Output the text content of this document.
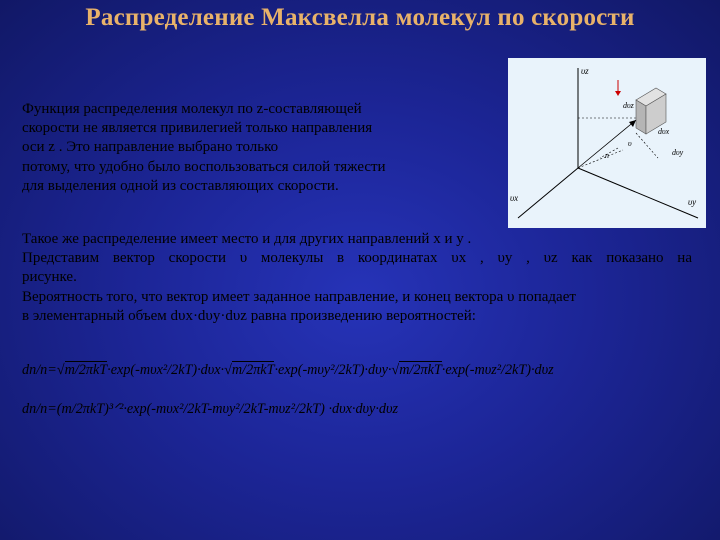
Распределение Максвелла молекул по скорости

Функция распределения молекул по z-составляющей

скорости не является привилегией только направления

оси z . Это направление выбрано только

потому, что удобно было воспользоваться силой тяжести

для выделения одной из составляющих скорости.

υz
υx	υy
dυz
dυx
dυy
υ
n

Такое же распределение имеет место и для других направлений x и y .

Представим вектор скорости υ молекулы в координатах υx , υy , υz как показано на

рисунке.

Вероятность того, что вектор имеет заданное направление, и конец вектора υ попадает

в элементарный объем dυx·dυy·dυz равна произведению вероятностей:

dn/n=√m/2πkT·exp(-mυx²/2kT)·dυx·√m/2πkT·exp(-mυy²/2kT)·dυy·√m/2πkT·exp(-mυz²/2kT)·dυz
dn/n=(m/2πkT)³ᐟ²·exp(-mυx²/2kT-mυy²/2kT-mυz²/2kT) ·dυx·dυy·dυz
